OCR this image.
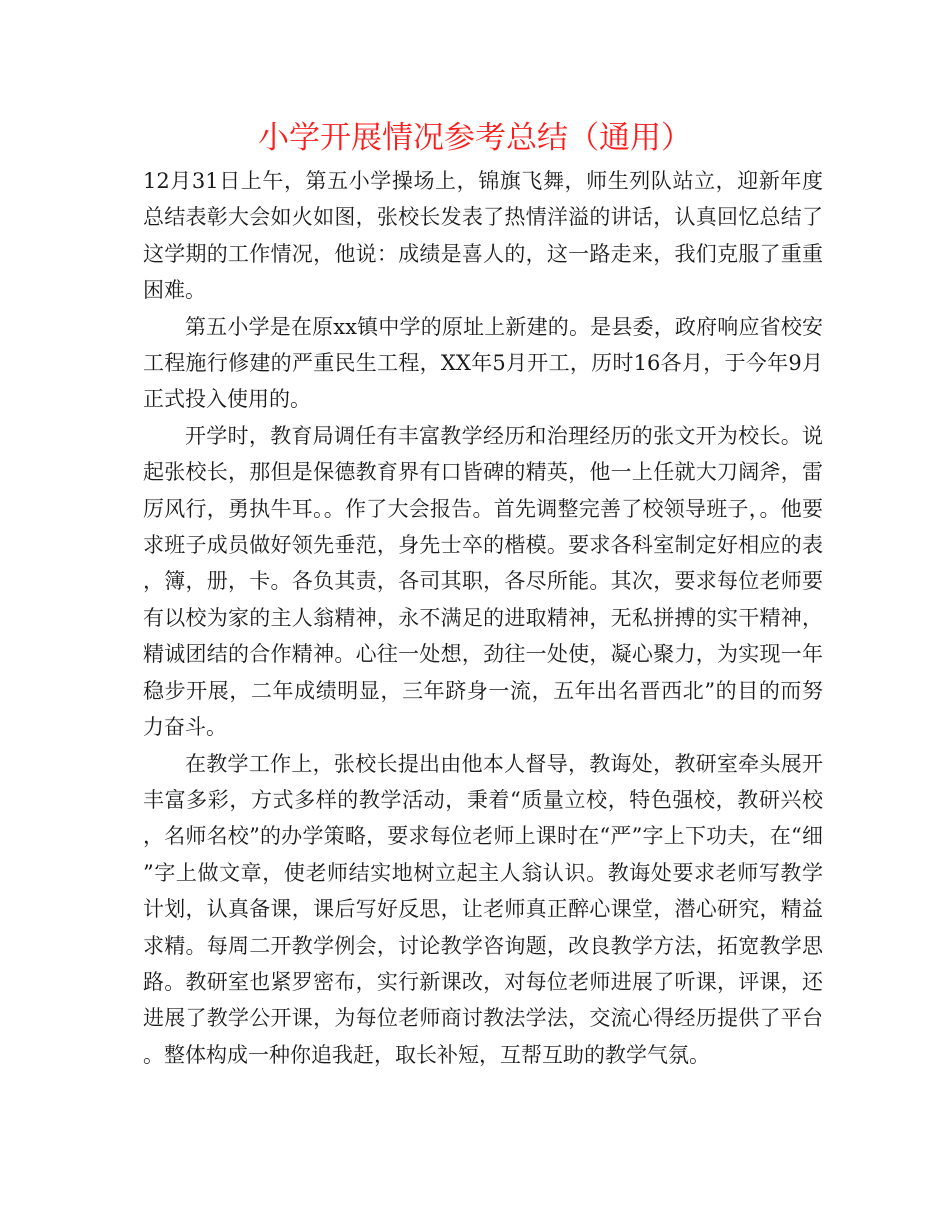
小学开展情况参考总结（通用）

12月31日上午，第五小学操场上，锦旗飞舞，师生列队站立，迎新年度总结表彰大会如火如图，张校长发表了热情洋溢的讲话，认真回忆总结了这学期的工作情况，他说：成绩是喜人的，这一路走来，我们克服了重重困难。

第五小学是在原xx镇中学的原址上新建的。是县委，政府响应省校安工程施行修建的严重民生工程，XX年5月开工，历时16各月，于今年9月正式投入使用的。

开学时，教育局调任有丰富教学经历和治理经历的张文开为校长。说起张校长，那但是保德教育界有口皆碑的精英，他一上任就大刀阔斧，雷厉风行，勇执牛耳。。作了大会报告。首先调整完善了校领导班子，。他要求班子成员做好领先垂范，身先士卒的楷模。要求各科室制定好相应的表，簿，册，卡。各负其责，各司其职，各尽所能。其次，要求每位老师要有以校为家的主人翁精神，永不满足的进取精神，无私拼搏的实干精神，精诚团结的合作精神。心往一处想，劲往一处使，凝心聚力，为实现一年稳步开展，二年成绩明显，三年跻身一流，五年出名晋西北”的目的而努力奋斗。

在教学工作上，张校长提出由他本人督导，教诲处，教研室牵头展开丰富多彩，方式多样的教学活动，秉着“质量立校，特色强校，教研兴校，名师名校”的办学策略，要求每位老师上课时在“严”字上下功夫，在“细”字上做文章，使老师结实地树立起主人翁认识。教诲处要求老师写教学计划，认真备课，课后写好反思，让老师真正醉心课堂，潜心研究，精益求精。每周二开教学例会，讨论教学咨询题，改良教学方法，拓宽教学思路。教研室也紧罗密布，实行新课改，对每位老师进展了听课，评课，还进展了教学公开课，为每位老师商讨教法学法，交流心得经历提供了平台。整体构成一种你追我赶，取长补短，互帮互助的教学气氛。
